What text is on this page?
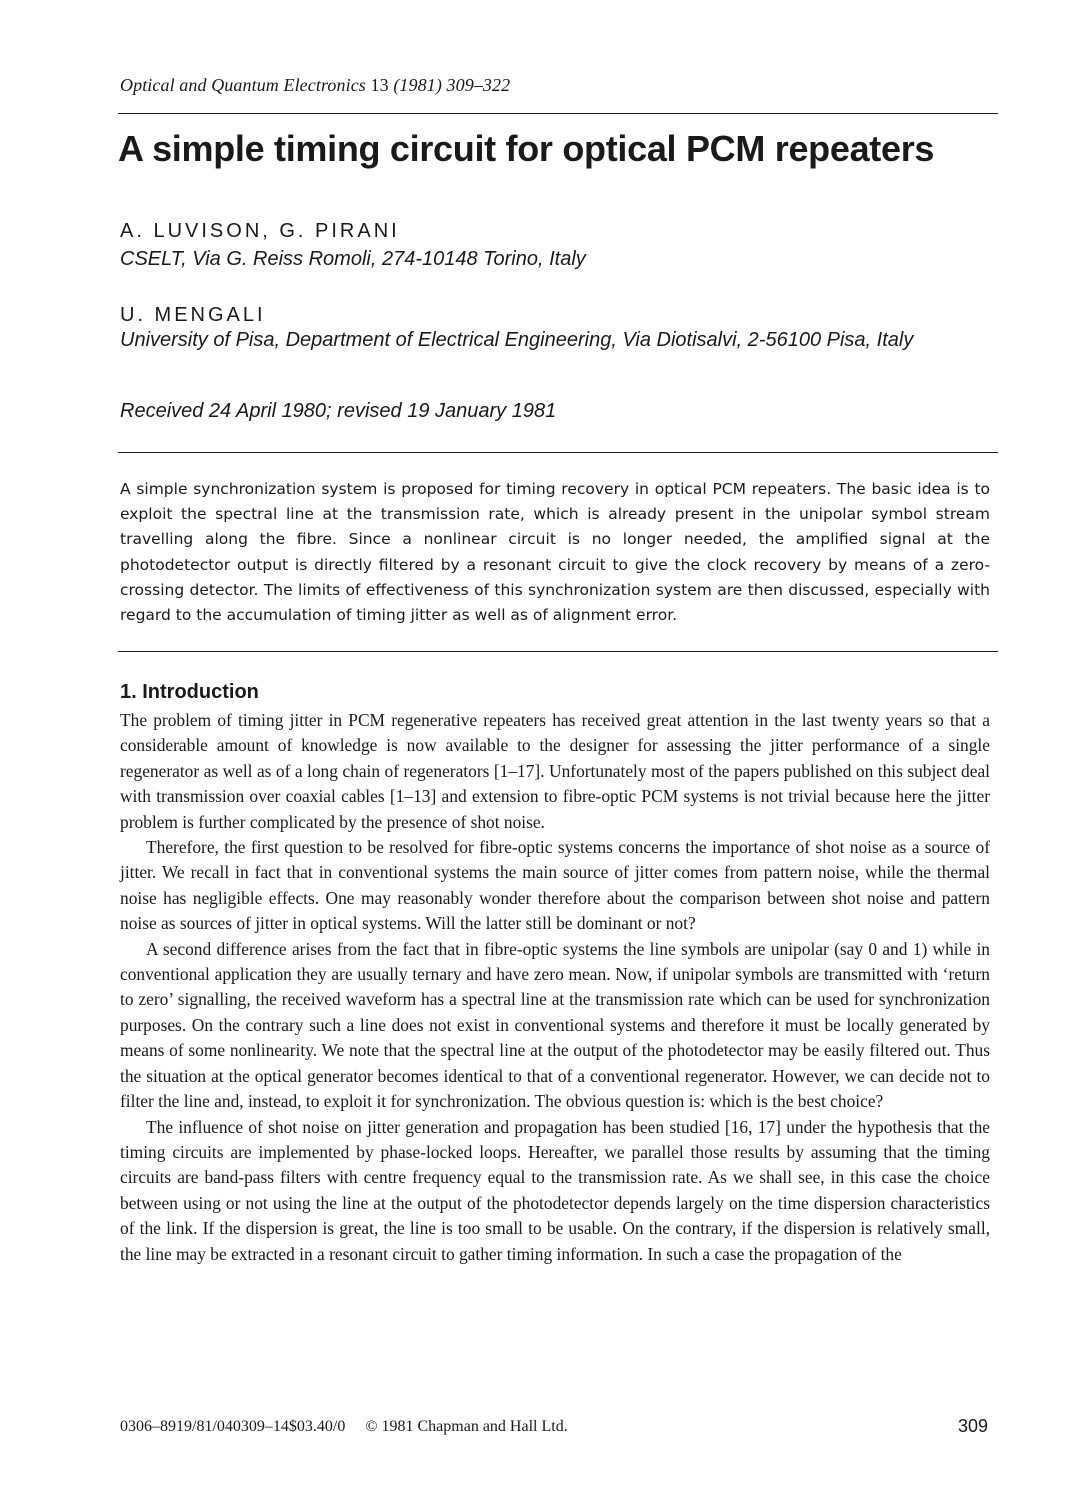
Optical and Quantum Electronics 13 (1981) 309–322
A simple timing circuit for optical PCM repeaters
A. LUVISON, G. PIRANI
CSELT, Via G. Reiss Romoli, 274-10148 Torino, Italy
U. MENGALI
University of Pisa, Department of Electrical Engineering, Via Diotisalvi, 2-56100 Pisa, Italy
Received 24 April 1980; revised 19 January 1981

A simple synchronization system is proposed for timing recovery in optical PCM repeaters. The basic idea is to exploit the spectral line at the transmission rate, which is already present in the unipolar symbol stream travelling along the fibre. Since a nonlinear circuit is no longer needed, the amplified signal at the photodetector output is directly filtered by a resonant circuit to give the clock recovery by means of a zero-crossing detector. The limits of effectiveness of this synchronization system are then discussed, especially with regard to the accumulation of timing jitter as well as of alignment error.

1. Introduction

The problem of timing jitter in PCM regenerative repeaters has received great attention in the last twenty years so that a considerable amount of knowledge is now available to the designer for assessing the jitter performance of a single regenerator as well as of a long chain of regenerators [1–17]. Unfortunately most of the papers published on this subject deal with transmission over coaxial cables [1–13] and extension to fibre-optic PCM systems is not trivial because here the jitter problem is further complicated by the presence of shot noise.

Therefore, the first question to be resolved for fibre-optic systems concerns the importance of shot noise as a source of jitter. We recall in fact that in conventional systems the main source of jitter comes from pattern noise, while the thermal noise has negligible effects. One may reasonably wonder therefore about the comparison between shot noise and pattern noise as sources of jitter in optical systems. Will the latter still be dominant or not?

A second difference arises from the fact that in fibre-optic systems the line symbols are unipolar (say 0 and 1) while in conventional application they are usually ternary and have zero mean. Now, if unipolar symbols are transmitted with ‘return to zero’ signalling, the received waveform has a spectral line at the transmission rate which can be used for synchronization purposes. On the contrary such a line does not exist in conventional systems and therefore it must be locally generated by means of some nonlinearity. We note that the spectral line at the output of the photodetector may be easily filtered out. Thus the situation at the optical generator becomes identical to that of a conventional regenerator. However, we can decide not to filter the line and, instead, to exploit it for synchronization. The obvious question is: which is the best choice?

The influence of shot noise on jitter generation and propagation has been studied [16, 17] under the hypothesis that the timing circuits are implemented by phase-locked loops. Hereafter, we parallel those results by assuming that the timing circuits are band-pass filters with centre frequency equal to the transmission rate. As we shall see, in this case the choice between using or not using the line at the output of the photodetector depends largely on the time dispersion characteristics of the link. If the dispersion is great, the line is too small to be usable. On the contrary, if the dispersion is relatively small, the line may be extracted in a resonant circuit to gather timing information. In such a case the propagation of the

0306–8919/81/040309–14$03.40/0 © 1981 Chapman and Hall Ltd.	309
